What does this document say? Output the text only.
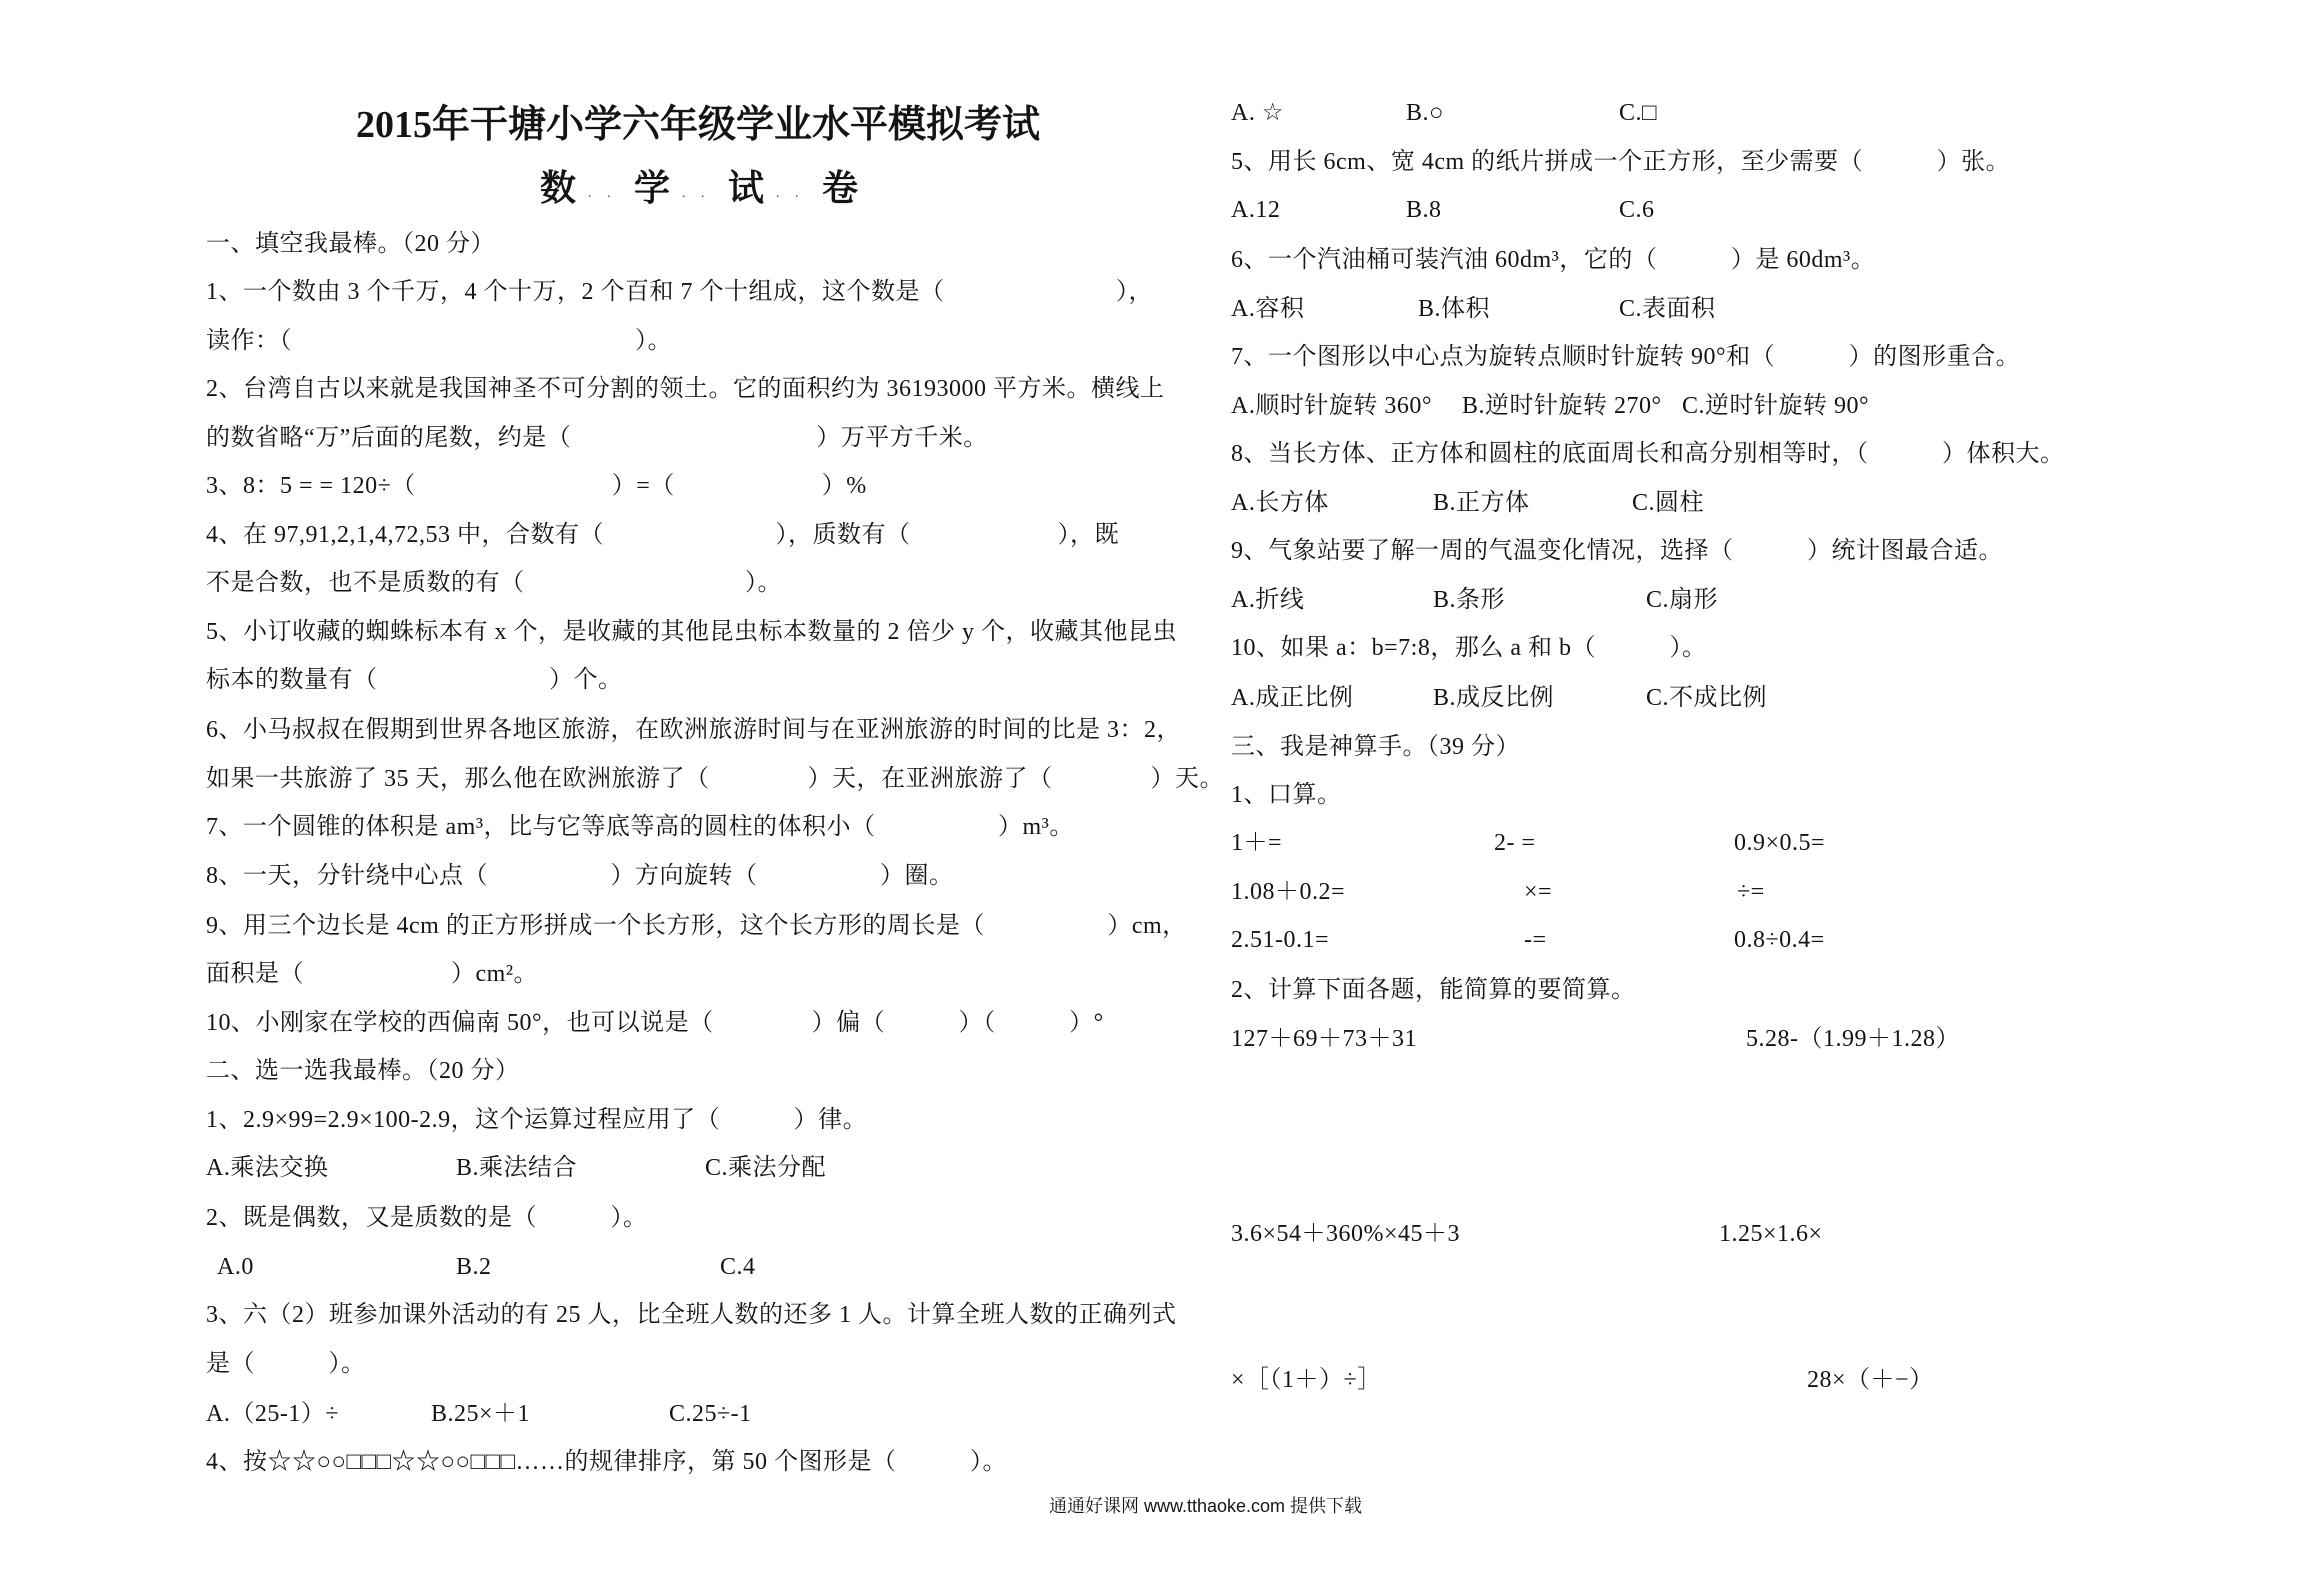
2015年干塘小学六年级学业水平模拟考试
数 . . 学 . . 试 . . 卷
一、填空我最棒。（20 分）
1、一个数由 3 个千万，4 个十万，2 个百和 7 个十组成，这个数是（　　　　　　　），
读作：（　　　　　　　　　　　　　　）。
2、台湾自古以来就是我国神圣不可分割的领土。它的面积约为 36193000 平方米。横线上
的数省略“万”后面的尾数，约是（　　　　　　　　　　）万平方千米。
3、8：5 = = 120÷（　　　　　　　　）=（　　　　　　）%
4、在 97,91,2,1,4,72,53 中，合数有（　　　　　　　），质数有（　　　　　　），既
不是合数，也不是质数的有（　　　　　　　　　）。
5、小订收藏的蜘蛛标本有 x 个，是收藏的其他昆虫标本数量的 2 倍少 y 个，收藏其他昆虫
标本的数量有（　　　　　　　）个。
6、小马叔叔在假期到世界各地区旅游，在欧洲旅游时间与在亚洲旅游的时间的比是 3：2，
如果一共旅游了 35 天，那么他在欧洲旅游了（　　　　）天，在亚洲旅游了（　　　　）天。
7、一个圆锥的体积是 am³，比与它等底等高的圆柱的体积小（　　　　　）m³。
8、一天，分针绕中心点（　　　　　）方向旋转（　　　　　）圈。
9、用三个边长是 4cm 的正方形拼成一个长方形，这个长方形的周长是（　　　　　）cm，
面积是（　　　　　　）cm²。
10、小刚家在学校的西偏南 50°，也可以说是（　　　　）偏（　　　）（　　　）°
二、选一选我最棒。（20 分）
1、2.9×99=2.9×100-2.9，这个运算过程应用了（　　　）律。
A.乘法交换	B.乘法结合	C.乘法分配
2、既是偶数，又是质数的是（　　　）。
A.0	B.2	C.4
3、六（2）班参加课外活动的有 25 人，比全班人数的还多 1 人。计算全班人数的正确列式
是（　　　）。
A.（25-1）÷	B.25×＋1	C.25÷-1
4、按☆☆○○□□□☆☆○○□□□……的规律排序，第 50 个图形是（　　　）。
A. ☆	B.○	C.□
5、用长 6cm、宽 4cm 的纸片拼成一个正方形，至少需要（　　　）张。
A.12	B.8	C.6
6、一个汽油桶可装汽油 60dm³，它的（　　　）是 60dm³。
A.容积	B.体积	C.表面积
7、一个图形以中心点为旋转点顺时针旋转 90°和（　　　）的图形重合。
A.顺时针旋转 360° B.逆时针旋转 270° C.逆时针旋转 90°
8、当长方体、正方体和圆柱的底面周长和高分别相等时，（　　　）体积大。
A.长方体	B.正方体	C.圆柱
9、气象站要了解一周的气温变化情况，选择（　　　）统计图最合适。
A.折线	B.条形	C.扇形
10、如果 a：b=7:8，那么 a 和 b（　　　）。
A.成正比例	B.成反比例	C.不成比例
三、我是神算手。（39 分）
1、口算。
1＋=	2- =	0.9×0.5=
1.08＋0.2=	×=	÷=
2.51-0.1=	-=	0.8÷0.4=
2、计算下面各题，能简算的要简算。
127＋69＋73＋31	5.28-（1.99＋1.28）
3.6×54＋360%×45＋3	1.25×1.6×
×［（1＋）÷］	28×（＋−）
通通好课网 www.tthaoke.com 提供下载
